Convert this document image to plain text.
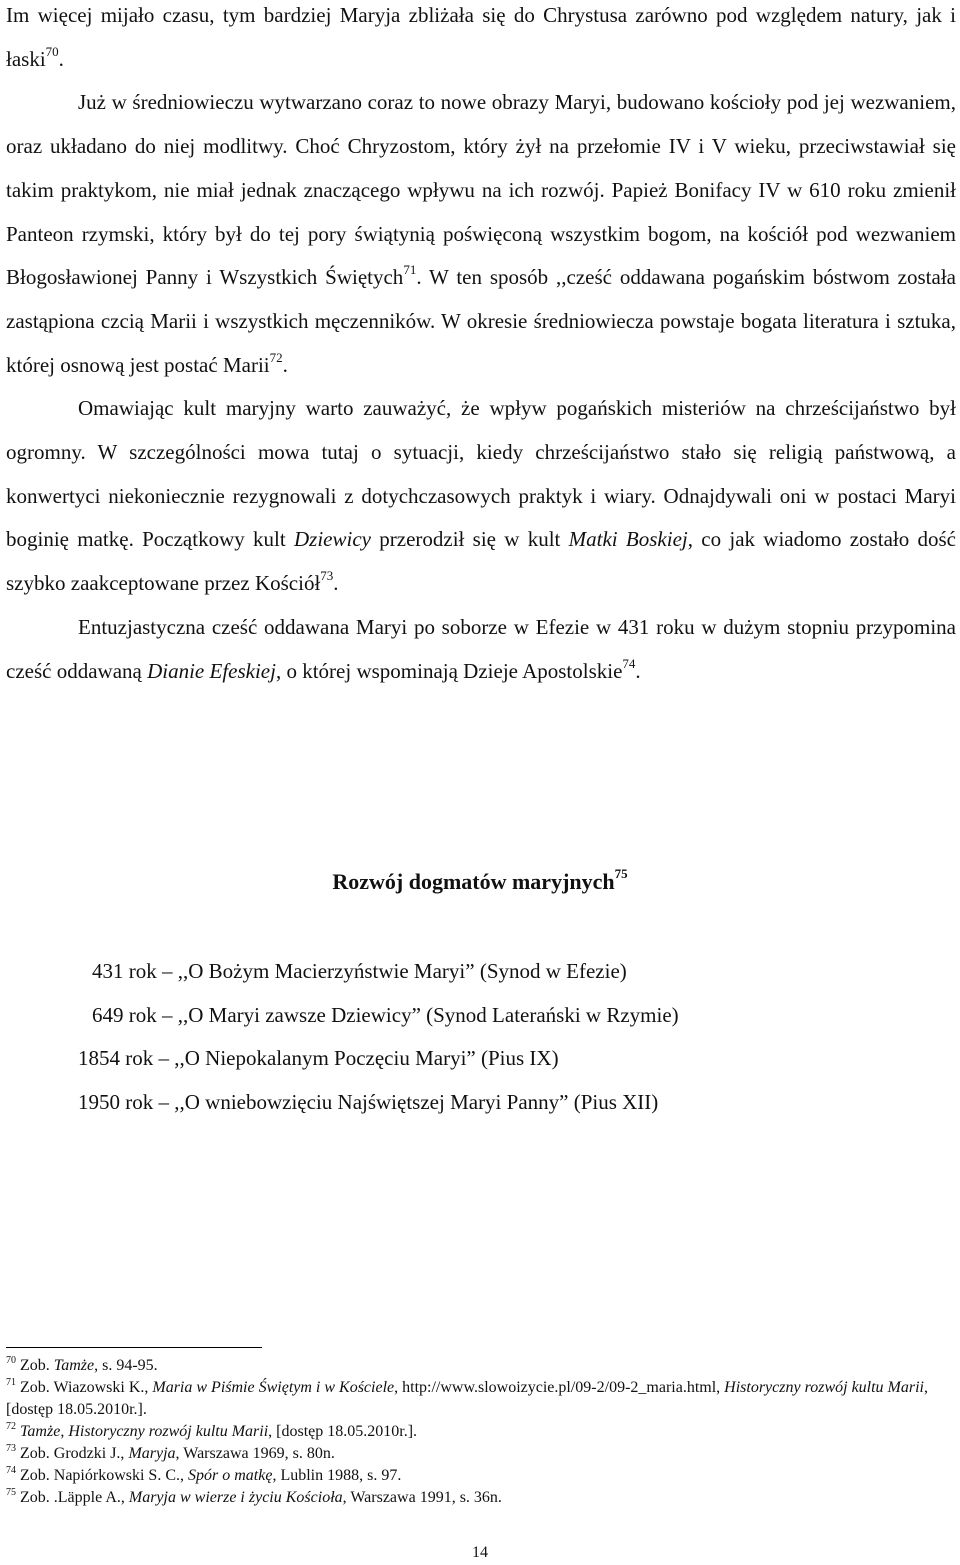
Im więcej mijało czasu, tym bardziej Maryja zbliżała się do Chrystusa zarówno pod względem natury, jak i łaski$^{70}$.

Już w średniowieczu wytwarzano coraz to nowe obrazy Maryi, budowano kościoły pod jej wezwaniem, oraz układano do niej modlitwy. Choć Chryzostom, który żył na przełomie IV i V wieku, przeciwstawiał się takim praktykom, nie miał jednak znaczącego wpływu na ich rozwój. Papież Bonifacy IV w 610 roku zmienił Panteon rzymski, który był do tej pory świątynią poświęconą wszystkim bogom, na kościół pod wezwaniem Błogosławionej Panny i Wszystkich Świętych$^{71}$. W ten sposób ,,cześć oddawana pogańskim bóstwom została zastąpiona czcią Marii i wszystkich męczenników. W okresie średniowiecza powstaje bogata literatura i sztuka, której osnową jest postać Marii$^{72}$.

Omawiając kult maryjny warto zauważyć, że wpływ pogańskich misteriów na chrześcijaństwo był ogromny. W szczególności mowa tutaj o sytuacji, kiedy chrześcijaństwo stało się religią państwową, a konwertyci niekoniecznie rezygnowali z dotychczasowych praktyk i wiary. Odnajdywali oni w postaci Maryi boginię matkę. Początkowy kult Dziewicy przerodził się w kult Matki Boskiej, co jak wiadomo zostało dość szybko zaakceptowane przez Kościół$^{73}$.

Entuzjastyczna cześć oddawana Maryi po soborze w Efezie w 431 roku w dużym stopniu przypomina cześć oddawaną Dianie Efeskiej, o której wspominają Dzieje Apostolskie$^{74}$.

Rozwój dogmatów maryjnych$^{75}$
431 rok – ,,O Bożym Macierzyństwie Maryi” (Synod w Efezie)
649 rok – ,,O Maryi zawsze Dziewicy” (Synod Laterański w Rzymie)
1854 rok – ,,O Niepokalanym Poczęciu Maryi” (Pius IX)
1950 rok – ,,O wniebowzięciu Najświętszej Maryi Panny” (Pius XII)

$^{70}$ Zob. Tamże, s. 94-95.

$^{71}$ Zob. Wiazowski K., Maria w Piśmie Świętym i w Kościele, http://www.slowoizycie.pl/09-2/09-2_maria.html, Historyczny rozwój kultu Marii, [dostęp 18.05.2010r.].

$^{72}$ Tamże, Historyczny rozwój kultu Marii, [dostęp 18.05.2010r.].

$^{73}$ Zob. Grodzki J., Maryja, Warszawa 1969, s. 80n.

$^{74}$ Zob. Napiórkowski S. C., Spór o matkę, Lublin 1988, s. 97.

$^{75}$ Zob. .Läpple A., Maryja w wierze i życiu Kościoła, Warszawa 1991, s. 36n.

14
